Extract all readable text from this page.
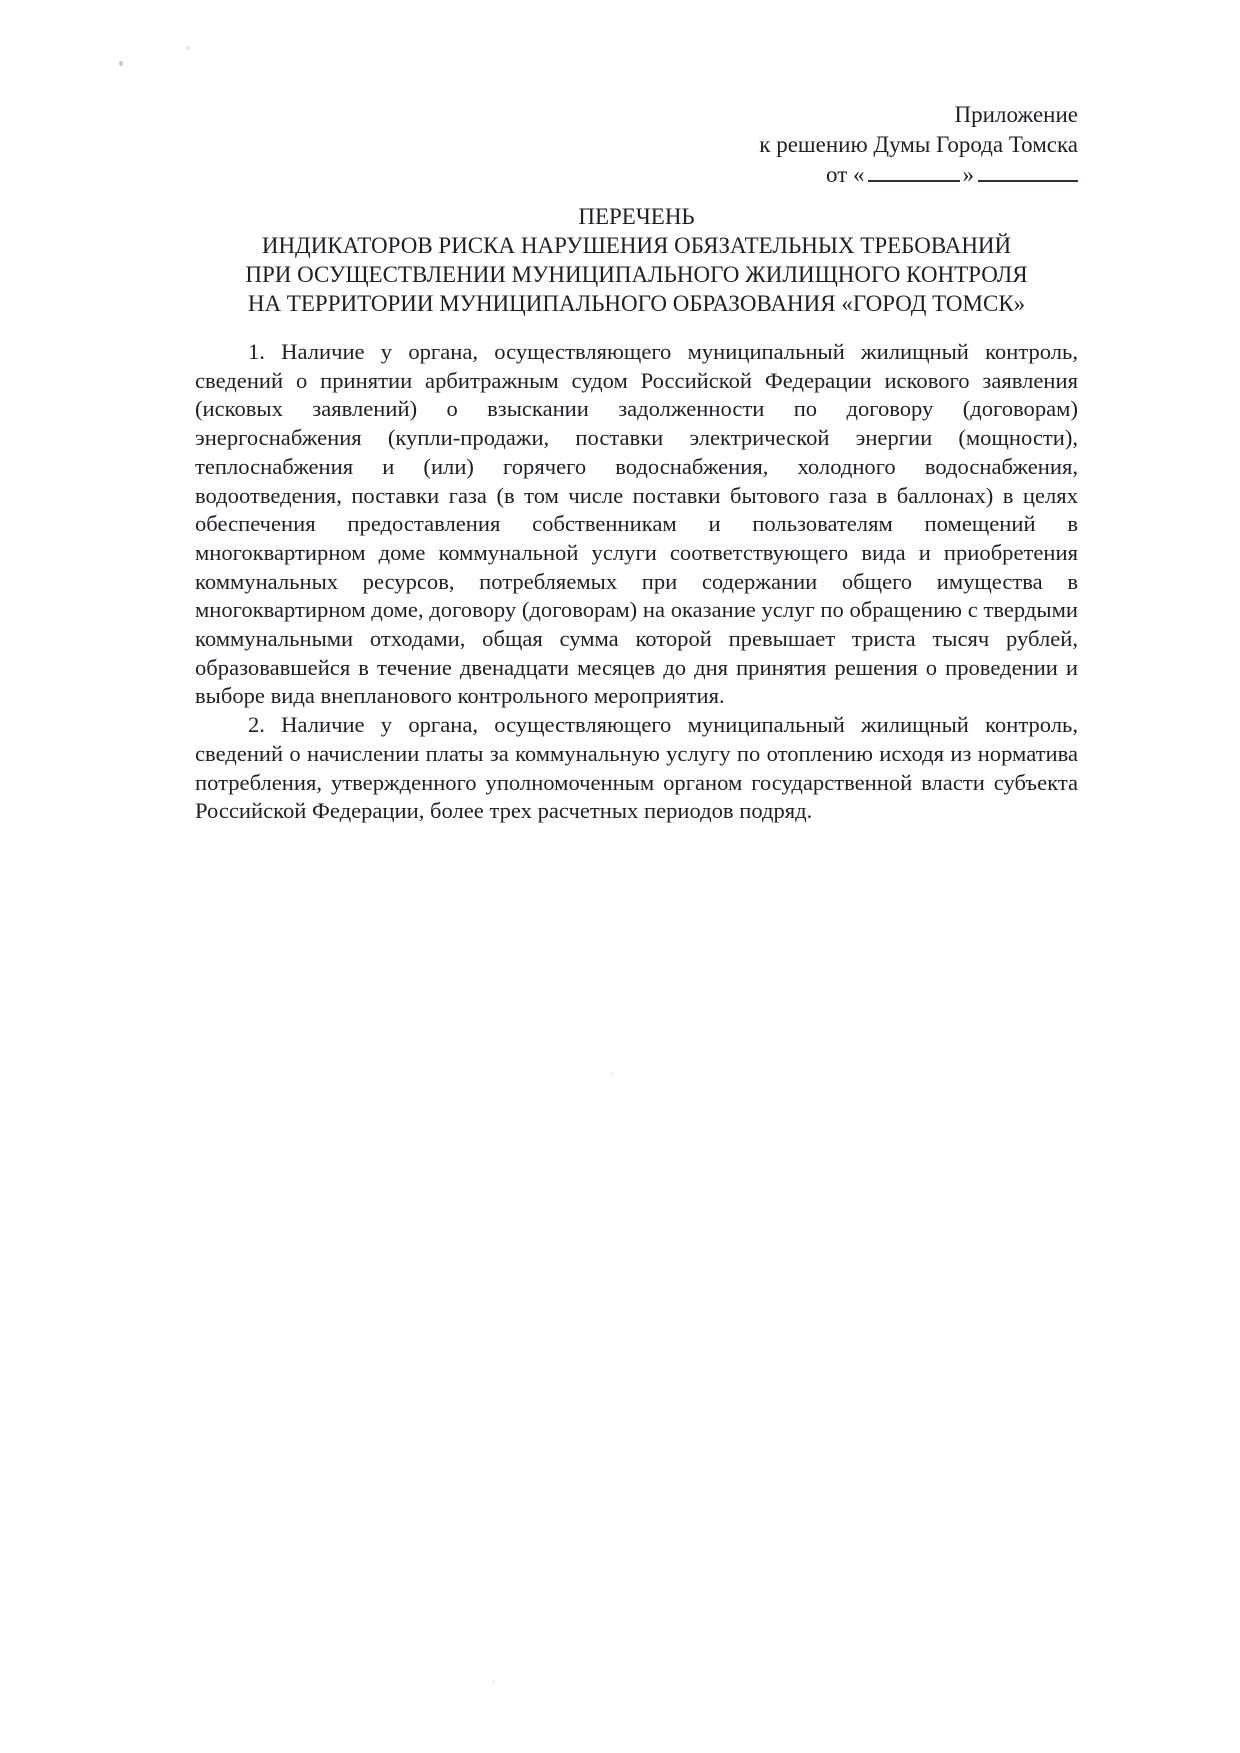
Приложение
к решению Думы Города Томска
от «	»
ПЕРЕЧЕНЬ
ИНДИКАТОРОВ РИСКА НАРУШЕНИЯ ОБЯЗАТЕЛЬНЫХ ТРЕБОВАНИЙ
ПРИ ОСУЩЕСТВЛЕНИИ МУНИЦИПАЛЬНОГО ЖИЛИЩНОГО КОНТРОЛЯ
НА ТЕРРИТОРИИ МУНИЦИПАЛЬНОГО ОБРАЗОВАНИЯ «ГОРОД ТОМСК»

1. Наличие у органа, осуществляющего муниципальный жилищный контроль, сведений о принятии арбитражным судом Российской Федерации искового заявления (исковых заявлений) о взыскании задолженности по договору (договорам) энергоснабжения (купли-продажи, поставки электрической энергии (мощности), теплоснабжения и (или) горячего водоснабжения, холодного водоснабжения, водоотведения, поставки газа (в том числе поставки бытового газа в баллонах) в целях обеспечения предоставления собственникам и пользователям помещений в многоквартирном доме коммунальной услуги соответствующего вида и приобретения коммунальных ресурсов, потребляемых при содержании общего имущества в многоквартирном доме, договору (договорам) на оказание услуг по обращению с твердыми коммунальными отходами, общая сумма которой превышает триста тысяч рублей, образовавшейся в течение двенадцати месяцев до дня принятия решения о проведении и выборе вида внепланового контрольного мероприятия.

2. Наличие у органа, осуществляющего муниципальный жилищный контроль, сведений о начислении платы за коммунальную услугу по отоплению исходя из норматива потребления, утвержденного уполномоченным органом государственной власти субъекта Российской Федерации, более трех расчетных периодов подряд.
